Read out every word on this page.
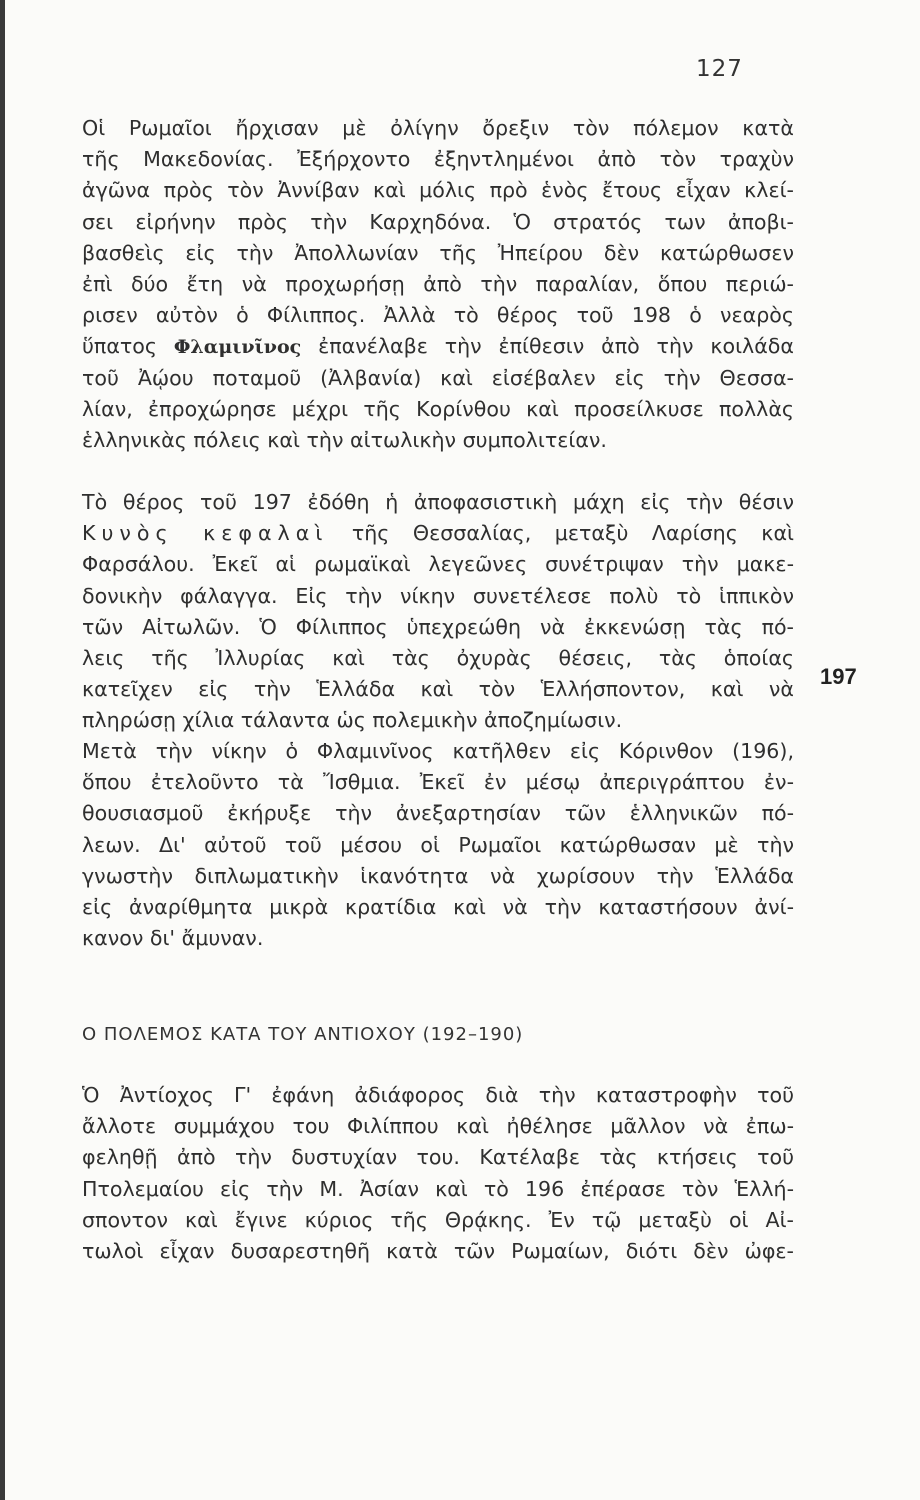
127
Οἱ Ρωμαῖοι ἤρχισαν μὲ ὀλίγην ὄρεξιν τὸν πόλεμον κατὰ
τῆς Μακεδονίας. Ἐξήρχοντο ἐξηντλημένοι ἀπὸ τὸν τραχὺν
ἀγῶνα πρὸς τὸν Ἀννίβαν καὶ μόλις πρὸ ἑνὸς ἔτους εἶχαν κλεί-
σει εἰρήνην πρὸς τὴν Καρχηδόνα. Ὁ στρατός των ἀποβι-
βασθεὶς εἰς τὴν Ἀπολλωνίαν τῆς Ἠπείρου δὲν κατώρθωσεν
ἐπὶ δύο ἔτη νὰ προχωρήσῃ ἀπὸ τὴν παραλίαν, ὅπου περιώ-
ρισεν αὐτὸν ὁ Φίλιππος. Ἀλλὰ τὸ θέρος τοῦ 198 ὁ νεαρὸς
ὕπατος Φλαμινῖνος ἐπανέλαβε τὴν ἐπίθεσιν ἀπὸ τὴν κοιλάδα
τοῦ Ἀῴου ποταμοῦ (Ἀλβανία) καὶ εἰσέβαλεν εἰς τὴν Θεσσα-
λίαν, ἐπροχώρησε μέχρι τῆς Κορίνθου καὶ προσείλκυσε πολλὰς
ἑλληνικὰς πόλεις καὶ τὴν αἰτωλικὴν συμπολιτείαν.
Τὸ θέρος τοῦ 197 ἐδόθη ἡ ἀποφασιστικὴ μάχη εἰς τὴν θέσιν
Κυνὸς κεφαλαὶ τῆς Θεσσαλίας, μεταξὺ Λαρίσης καὶ
Φαρσάλου. Ἐκεῖ αἱ ρωμαϊκαὶ λεγεῶνες συνέτριψαν τὴν μακε-
δονικὴν φάλαγγα. Εἰς τὴν νίκην συνετέλεσε πολὺ τὸ ἱππικὸν
τῶν Αἰτωλῶν. Ὁ Φίλιππος ὑπεχρεώθη νὰ ἐκκενώσῃ τὰς πό-
λεις τῆς Ἰλλυρίας καὶ τὰς ὀχυρὰς θέσεις, τὰς ὁποίας
κατεῖχεν εἰς τὴν Ἑλλάδα καὶ τὸν Ἑλλήσποντον, καὶ νὰ
πληρώσῃ χίλια τάλαντα ὡς πολεμικὴν ἀποζημίωσιν.
197
Μετὰ τὴν νίκην ὁ Φλαμινῖνος κατῆλθεν εἰς Κόρινθον (196),
ὅπου ἐτελοῦντο τὰ Ἴσθμια. Ἐκεῖ ἐν μέσῳ ἀπεριγράπτου ἐν-
θουσιασμοῦ ἐκήρυξε τὴν ἀνεξαρτησίαν τῶν ἑλληνικῶν πό-
λεων. Δι' αὐτοῦ τοῦ μέσου οἱ Ρωμαῖοι κατώρθωσαν μὲ τὴν
γνωστὴν διπλωματικὴν ἱκανότητα νὰ χωρίσουν τὴν Ἑλλάδα
εἰς ἀναρίθμητα μικρὰ κρατίδια καὶ νὰ τὴν καταστήσουν ἀνί-
κανον δι' ἄμυναν.
Ο ΠΟΛΕΜΟΣ ΚΑΤΑ ΤΟΥ ΑΝΤΙΟΧΟΥ (192–190)
Ὁ Ἀντίοχος Γ' ἐφάνη ἀδιάφορος διὰ τὴν καταστροφὴν τοῦ
ἄλλοτε συμμάχου του Φιλίππου καὶ ἠθέλησε μᾶλλον νὰ ἐπω-
φεληθῇ ἀπὸ τὴν δυστυχίαν του. Κατέλαβε τὰς κτήσεις τοῦ
Πτολεμαίου εἰς τὴν Μ. Ἀσίαν καὶ τὸ 196 ἐπέρασε τὸν Ἑλλή-
σποντον καὶ ἔγινε κύριος τῆς Θρᾴκης. Ἐν τῷ μεταξὺ οἱ Αἰ-
τωλοὶ εἶχαν δυσαρεστηθῆ κατὰ τῶν Ρωμαίων, διότι δὲν ὠφε-
